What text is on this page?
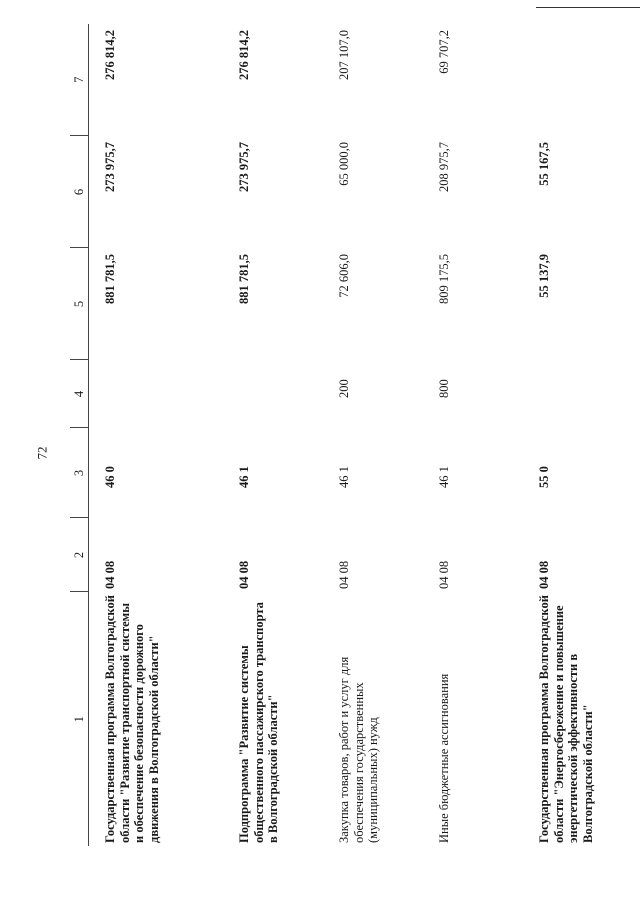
72
1	2	3	4	5	6	7
Государственная программа Волгоградской области "Развитие транспортной системы и обеспечение безопасности дорожного движения в Волгоградской области"	04 08	46 0		881 781,5	273 975,7	276 814,2
Подпрограмма "Развитие системы общественного пассажирского транспорта в Волгоградской области"	04 08	46 1		881 781,5	273 975,7	276 814,2
Закупка товаров, работ и услуг для обеспечения государственных (муниципальных) нужд	04 08	46 1	200	72 606,0	65 000,0	207 107,0
Иные бюджетные ассигнования	04 08	46 1	800	809 175,5	208 975,7	69 707,2
Государственная программа Волгоградской области "Энергосбережение и повышение энергетической эффективности в Волгоградской области"	04 08	55 0		55 137,9	55 167,5	
